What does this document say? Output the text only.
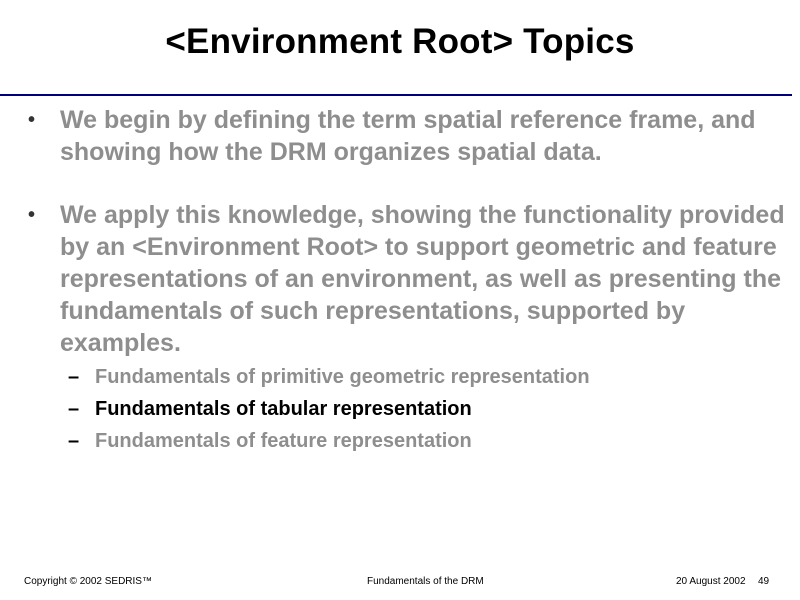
<Environment Root> Topics
• We begin by defining the term spatial reference frame, and showing how the DRM organizes spatial data.
• We apply this knowledge, showing the functionality provided by an <Environment Root> to support geometric and feature representations of an environment, as well as presenting the fundamentals of such representations, supported by examples.
– Fundamentals of primitive geometric representation
– Fundamentals of tabular representation
– Fundamentals of feature representation
Copyright © 2002 SEDRIS™	Fundamentals of the DRM	20 August 2002 49
